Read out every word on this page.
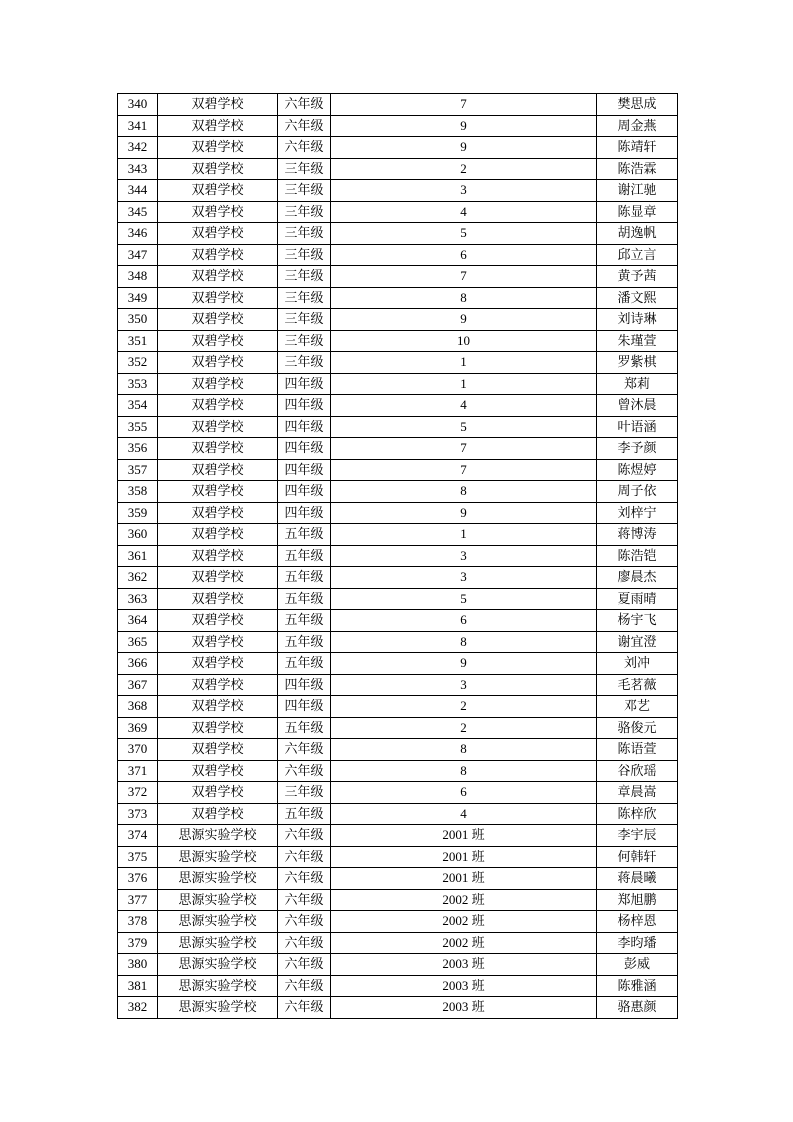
340	双碧学校	六年级	7	樊思成
341	双碧学校	六年级	9	周金燕
342	双碧学校	六年级	9	陈靖轩
343	双碧学校	三年级	2	陈浩霖
344	双碧学校	三年级	3	谢江驰
345	双碧学校	三年级	4	陈显章
346	双碧学校	三年级	5	胡逸帆
347	双碧学校	三年级	6	邱立言
348	双碧学校	三年级	7	黄予茜
349	双碧学校	三年级	8	潘文熙
350	双碧学校	三年级	9	刘诗琳
351	双碧学校	三年级	10	朱瑾萱
352	双碧学校	三年级	1	罗紫棋
353	双碧学校	四年级	1	郑莉
354	双碧学校	四年级	4	曾沐晨
355	双碧学校	四年级	5	叶语涵
356	双碧学校	四年级	7	李予颜
357	双碧学校	四年级	7	陈煜婷
358	双碧学校	四年级	8	周子依
359	双碧学校	四年级	9	刘梓宁
360	双碧学校	五年级	1	蒋博涛
361	双碧学校	五年级	3	陈浩铠
362	双碧学校	五年级	3	廖晨杰
363	双碧学校	五年级	5	夏雨晴
364	双碧学校	五年级	6	杨宇飞
365	双碧学校	五年级	8	谢宜澄
366	双碧学校	五年级	9	刘冲
367	双碧学校	四年级	3	毛茗薇
368	双碧学校	四年级	2	邓艺
369	双碧学校	五年级	2	骆俊元
370	双碧学校	六年级	8	陈语萱
371	双碧学校	六年级	8	谷欣瑶
372	双碧学校	三年级	6	章晨嵩
373	双碧学校	五年级	4	陈梓欣
374	思源实验学校	六年级	2001 班	李宇辰
375	思源实验学校	六年级	2001 班	何韩轩
376	思源实验学校	六年级	2001 班	蒋晨曦
377	思源实验学校	六年级	2002 班	郑旭鹏
378	思源实验学校	六年级	2002 班	杨梓恩
379	思源实验学校	六年级	2002 班	李昀璠
380	思源实验学校	六年级	2003 班	彭威
381	思源实验学校	六年级	2003 班	陈雅涵
382	思源实验学校	六年级	2003 班	骆惠颜
